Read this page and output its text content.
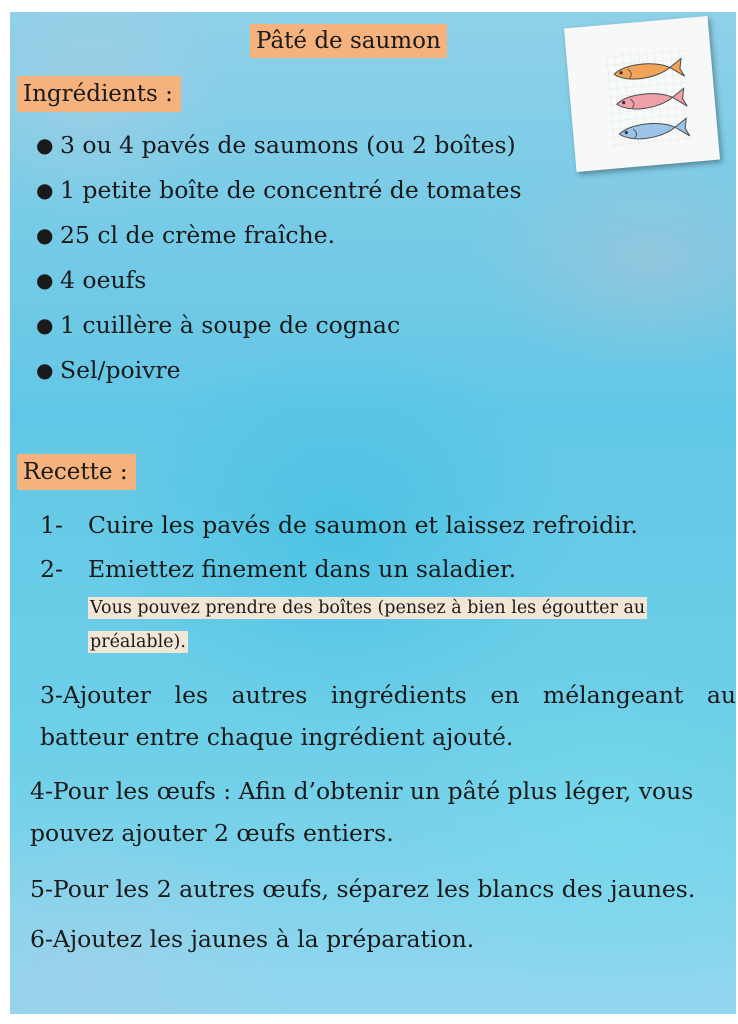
Pâté de saumon
Ingrédients :
● 3 ou 4 pavés de saumons (ou 2 boîtes)
● 1 petite boîte de concentré de tomates
● 25 cl de crème fraîche.
● 4 oeufs
● 1 cuillère à soupe de cognac
● Sel/poivre
Recette :
1- Cuire les pavés de saumon et laissez refroidir.
2- Emiettez finement dans un saladier.
Vous pouvez prendre des boîtes (pensez à bien les égoutter au
préalable).
3-Ajouter les autres ingrédients en mélangeant au
batteur entre chaque ingrédient ajouté.
4-Pour les œufs : Afin d’obtenir un pâté plus léger, vous
pouvez ajouter 2 œufs entiers.
5-Pour les 2 autres œufs, séparez les blancs des jaunes.
6-Ajoutez les jaunes à la préparation.
